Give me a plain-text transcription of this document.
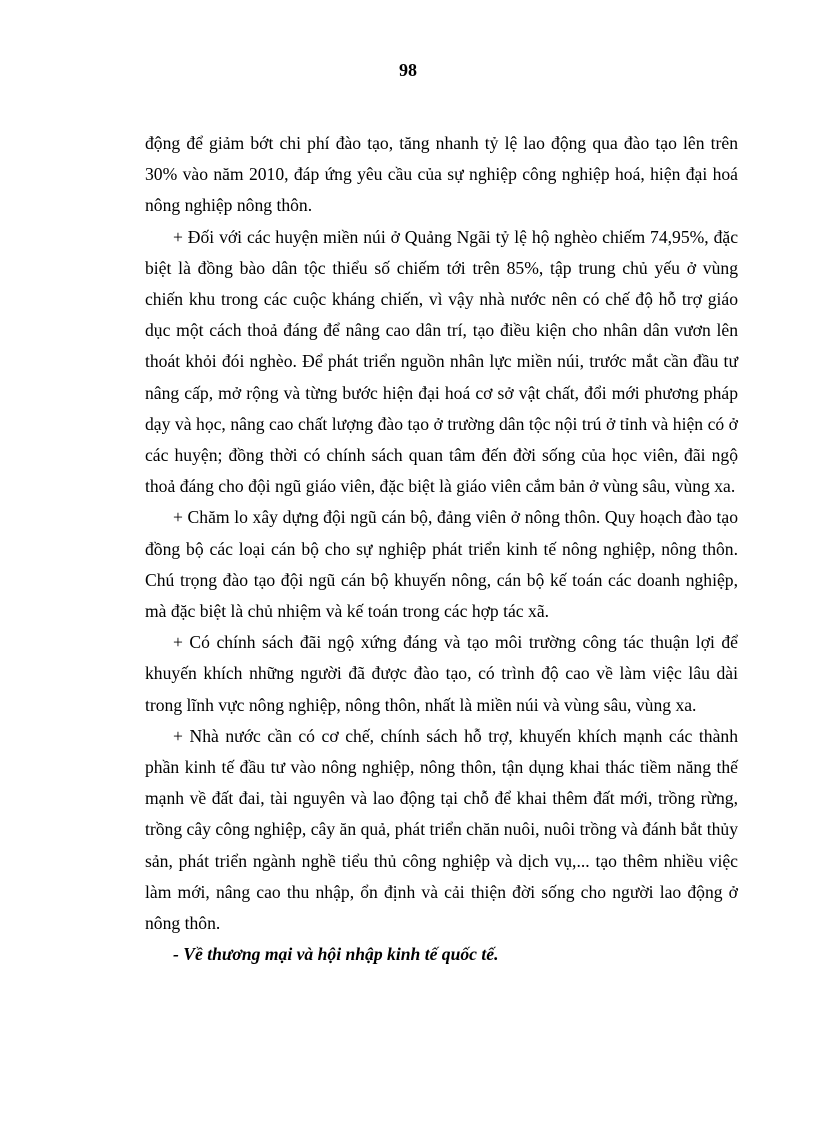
98

động để giảm bớt chi phí đào tạo, tăng nhanh tỷ lệ lao động qua đào tạo lên trên 30% vào năm 2010, đáp ứng yêu cầu của sự nghiệp công nghiệp hoá, hiện đại hoá nông nghiệp nông thôn.

+ Đối với các huyện miền núi ở Quảng Ngãi tỷ lệ hộ nghèo chiếm 74,95%, đặc biệt là đồng bào dân tộc thiểu số chiếm tới trên 85%, tập trung chủ yếu ở vùng chiến khu trong các cuộc kháng chiến, vì vậy nhà nước nên có chế độ hỗ trợ giáo dục một cách thoả đáng để nâng cao dân trí, tạo điều kiện cho nhân dân vươn lên thoát khỏi đói nghèo. Để phát triển nguồn nhân lực miền núi, trước mắt cần đầu tư nâng cấp, mở rộng và từng bước hiện đại hoá cơ sở vật chất, đổi mới phương pháp dạy và học, nâng cao chất lượng đào tạo ở trường dân tộc nội trú ở tỉnh và hiện có ở các huyện; đồng thời có chính sách quan tâm đến đời sống của học viên, đãi ngộ thoả đáng cho đội ngũ giáo viên, đặc biệt là giáo viên cắm bản ở vùng sâu, vùng xa.

+ Chăm lo xây dựng đội ngũ cán bộ, đảng viên ở nông thôn. Quy hoạch đào tạo đồng bộ các loại cán bộ cho sự nghiệp phát triển kinh tế nông nghiệp, nông thôn. Chú trọng đào tạo đội ngũ cán bộ khuyến nông, cán bộ kế toán các doanh nghiệp, mà đặc biệt là chủ nhiệm và kế toán trong các hợp tác xã.

+ Có chính sách đãi ngộ xứng đáng và tạo môi trường công tác thuận lợi để khuyến khích những người đã được đào tạo, có trình độ cao về làm việc lâu dài trong lĩnh vực nông nghiệp, nông thôn, nhất là miền núi và vùng sâu, vùng xa.

+ Nhà nước cần có cơ chế, chính sách hỗ trợ, khuyến khích mạnh các thành phần kinh tế đầu tư vào nông nghiệp, nông thôn, tận dụng khai thác tiềm năng thế mạnh về đất đai, tài nguyên và lao động tại chỗ để khai thêm đất mới, trồng rừng, trồng cây công nghiệp, cây ăn quả, phát triển chăn nuôi, nuôi trồng và đánh bắt thủy sản, phát triển ngành nghề tiểu thủ công nghiệp và dịch vụ,... tạo thêm nhiều việc làm mới, nâng cao thu nhập, ổn định và cải thiện đời sống cho người lao động ở nông thôn.

- Về thương mại và hội nhập kinh tế quốc tế.
